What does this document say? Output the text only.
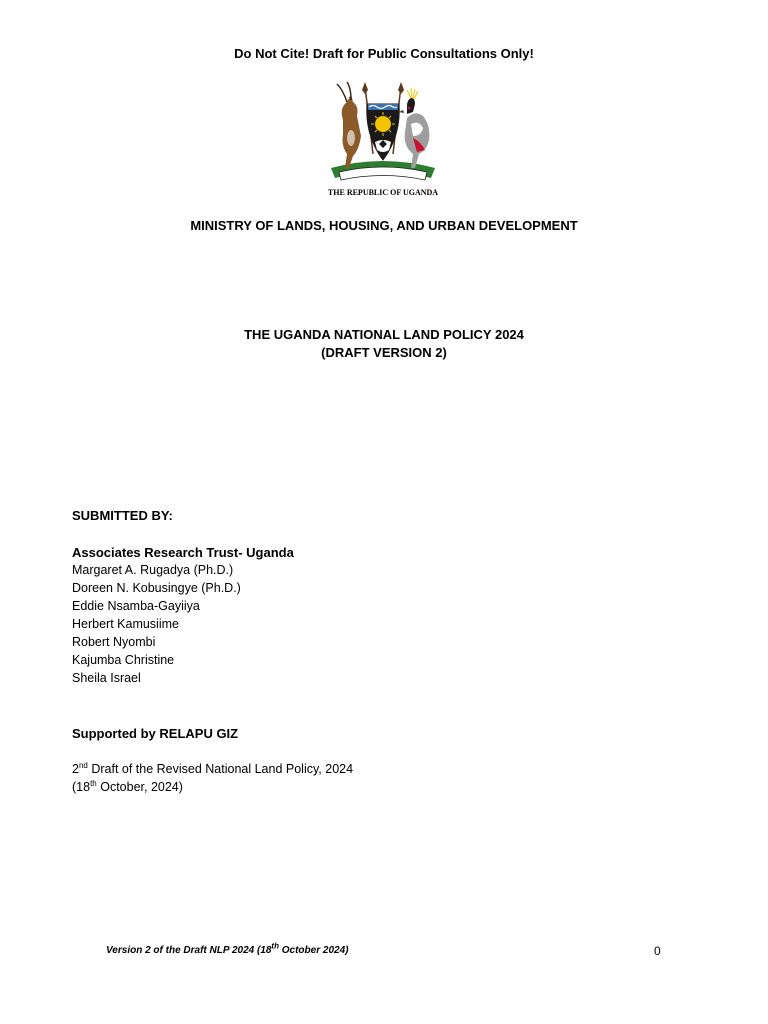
Do Not Cite! Draft for Public Consultations Only!
THE REPUBLIC OF UGANDA
MINISTRY OF LANDS, HOUSING, AND URBAN DEVELOPMENT
THE UGANDA NATIONAL LAND POLICY 2024
(DRAFT VERSION 2)
SUBMITTED BY:
Associates Research Trust- Uganda
Margaret A. Rugadya (Ph.D.)
Doreen N. Kobusingye (Ph.D.)
Eddie Nsamba-Gayiiya
Herbert Kamusiime
Robert Nyombi
Kajumba Christine
Sheila Israel
Supported by RELAPU GIZ
2nd Draft of the Revised National Land Policy, 2024
(18th October, 2024)
Version 2 of the Draft NLP 2024 (18th October 2024)	0
